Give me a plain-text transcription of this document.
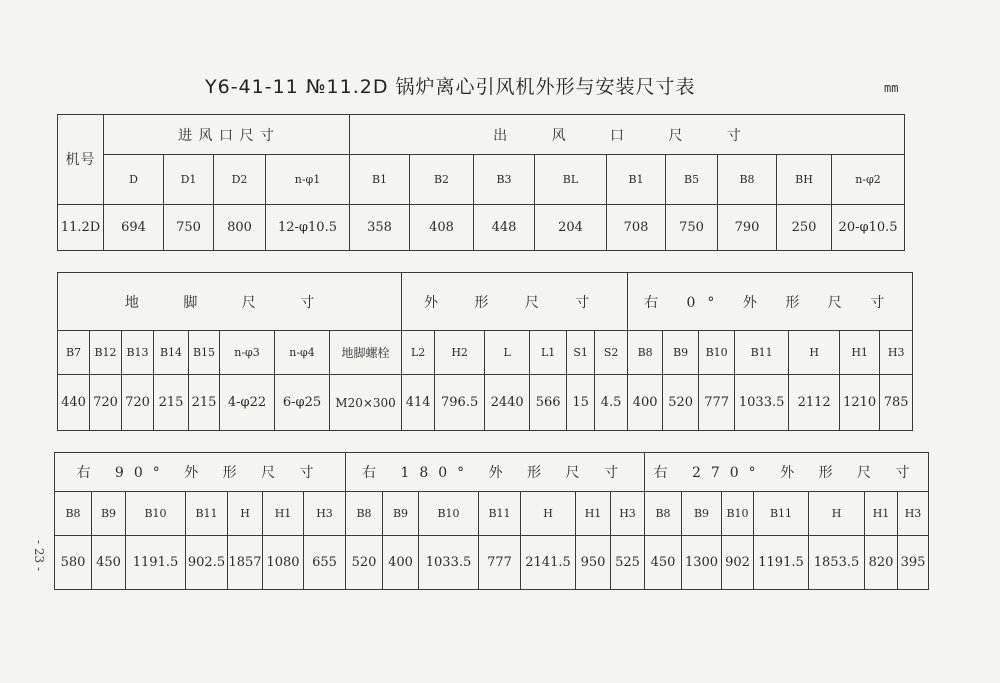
Y6-41-11 №11.2D 锅炉离心引风机外形与安装尺寸表	mm
- 23 -
机号	进 风 口 尺 寸				出 风 口 尺 寸								
	D	D1	D2	n-φ1	B1	B2	B3	BL	B1	B5	B8	BH	n-φ2
11.2D	694	750	800	12-φ10.5	358	408	448	204	708	750	790	250	20-φ10.5
地 脚 尺 寸								外 形 尺 寸						右 0° 外 形 尺 寸						
B7	B12	B13	B14	B15	n-φ3	n-φ4	地脚螺栓	L2	H2	L	L1	S1	S2	B8	B9	B10	B11	H	H1	H3
440	720	720	215	215	4-φ22	6-φ25	M20×300	414	796.5	2440	566	15	4.5	400	520	777	1033.5	2112	1210	785
右 90° 外 形 尺 寸							右 180° 外 形 尺 寸							右 270° 外 形 尺 寸						
B8	B9	B10	B11	H	H1	H3	B8	B9	B10	B11	H	H1	H3	B8	B9	B10	B11	H	H1	H3
580	450	1191.5	902.5	1857	1080	655	520	400	1033.5	777	2141.5	950	525	450	1300	902	1191.5	1853.5	820	395
